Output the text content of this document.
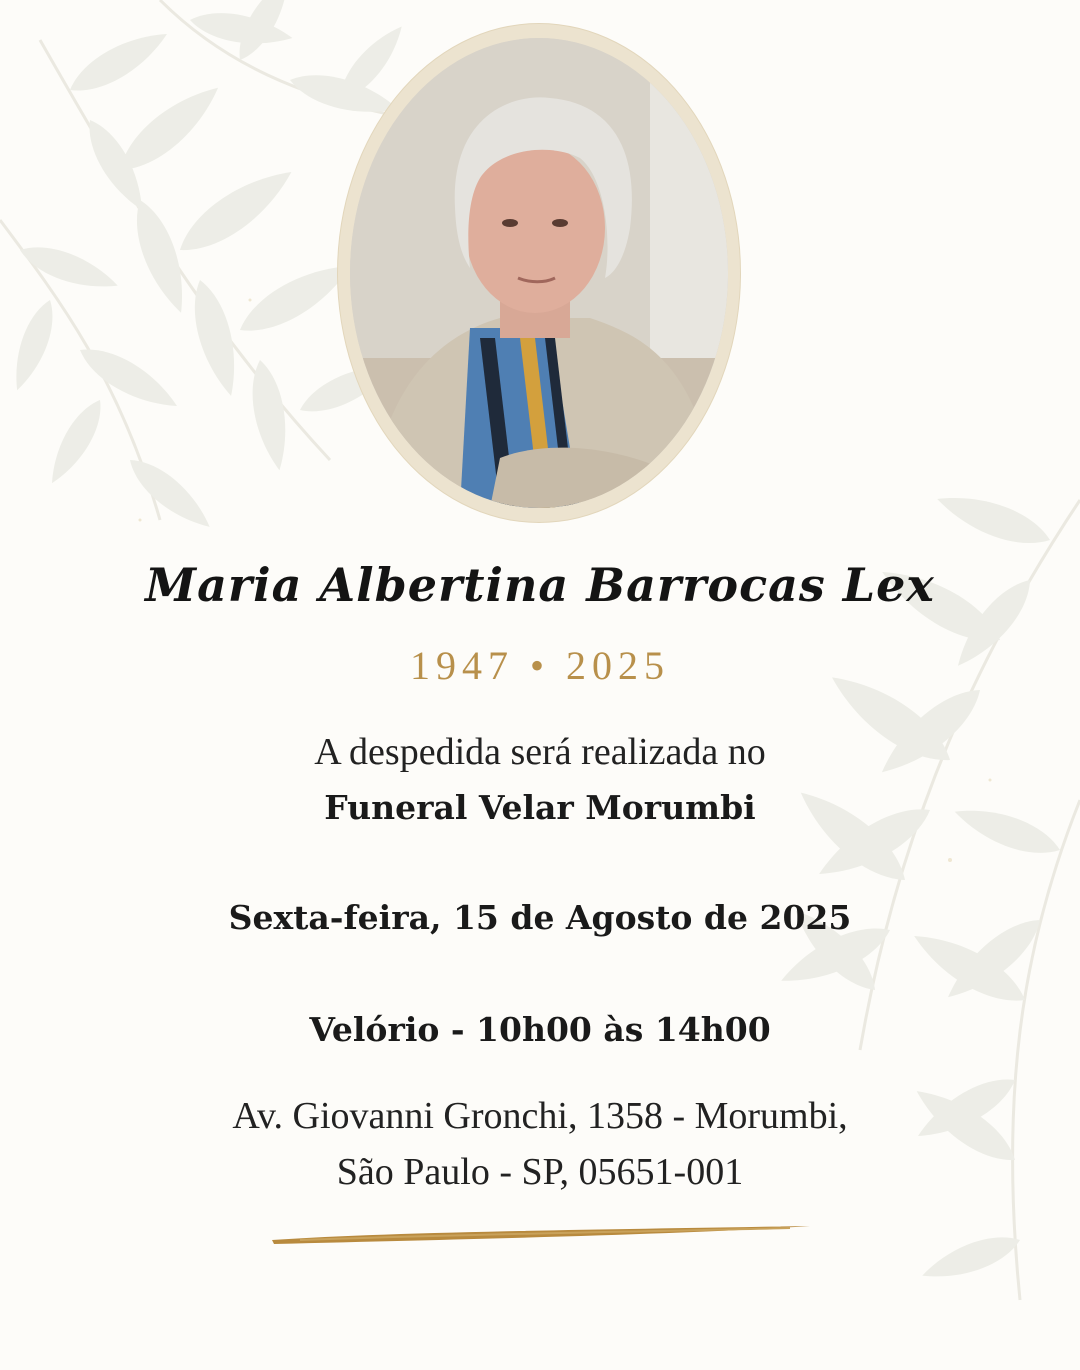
Maria Albertina Barrocas Lex
1947 • 2025
A despedida será realizada no
Funeral Velar Morumbi
Sexta-feira, 15 de Agosto de 2025
Velório - 10h00 às 14h00
Av. Giovanni Gronchi, 1358 - Morumbi,
São Paulo - SP, 05651-001
